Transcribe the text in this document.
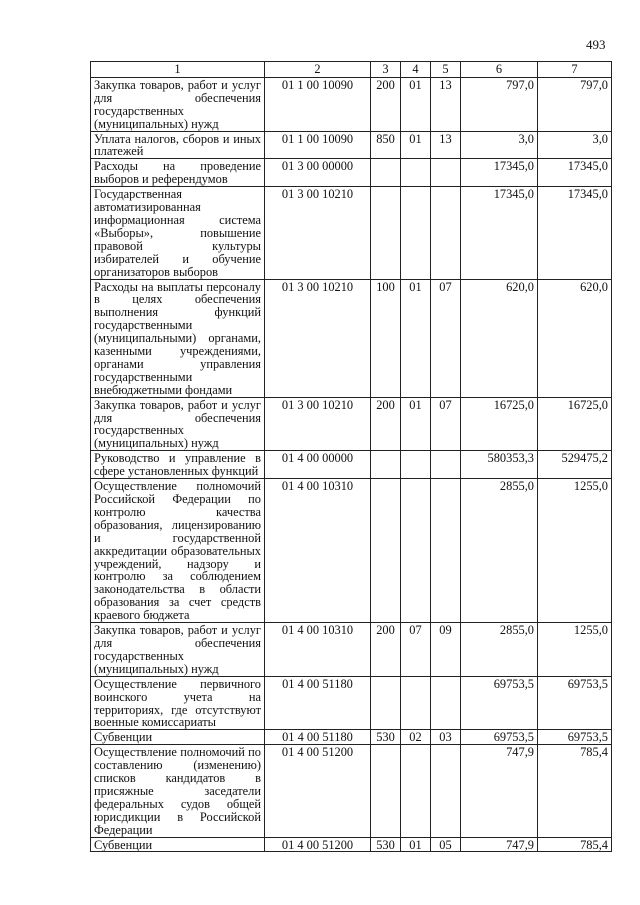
493
1	2	3	4	5	6	7
Закупка товаров, работ и услуг для обеспечения государственных (муниципальных) нужд	01 1 00 10090	200	01	13	797,0	797,0
Уплата налогов, сборов и иных платежей	01 1 00 10090	850	01	13	3,0	3,0
Расходы на проведение выборов и референдумов	01 3 00 00000				17345,0	17345,0
Государственная автоматизированная информационная система «Выборы», повышение правовой культуры избирателей и обучение организаторов выборов	01 3 00 10210				17345,0	17345,0
Расходы на выплаты персоналу в целях обеспечения выполнения функций государственными (муниципальными) органами, казенными учреждениями, органами управления государственными внебюджетными фондами	01 3 00 10210	100	01	07	620,0	620,0
Закупка товаров, работ и услуг для обеспечения государственных (муниципальных) нужд	01 3 00 10210	200	01	07	16725,0	16725,0
Руководство и управление в сфере установленных функций	01 4 00 00000				580353,3	529475,2
Осуществление полномочий Российской Федерации по контролю качества образования, лицензированию и государственной аккредитации образовательных учреждений, надзору и контролю за соблюдением законодательства в области образования за счет средств краевого бюджета	01 4 00 10310				2855,0	1255,0
Закупка товаров, работ и услуг для обеспечения государственных (муниципальных) нужд	01 4 00 10310	200	07	09	2855,0	1255,0
Осуществление первичного воинского учета на территориях, где отсутствуют военные комиссариаты	01 4 00 51180				69753,5	69753,5
Субвенции	01 4 00 51180	530	02	03	69753,5	69753,5
Осуществление полномочий по составлению (изменению) списков кандидатов в присяжные заседатели федеральных судов общей юрисдикции в Российской Федерации	01 4 00 51200				747,9	785,4
Субвенции	01 4 00 51200	530	01	05	747,9	785,4
